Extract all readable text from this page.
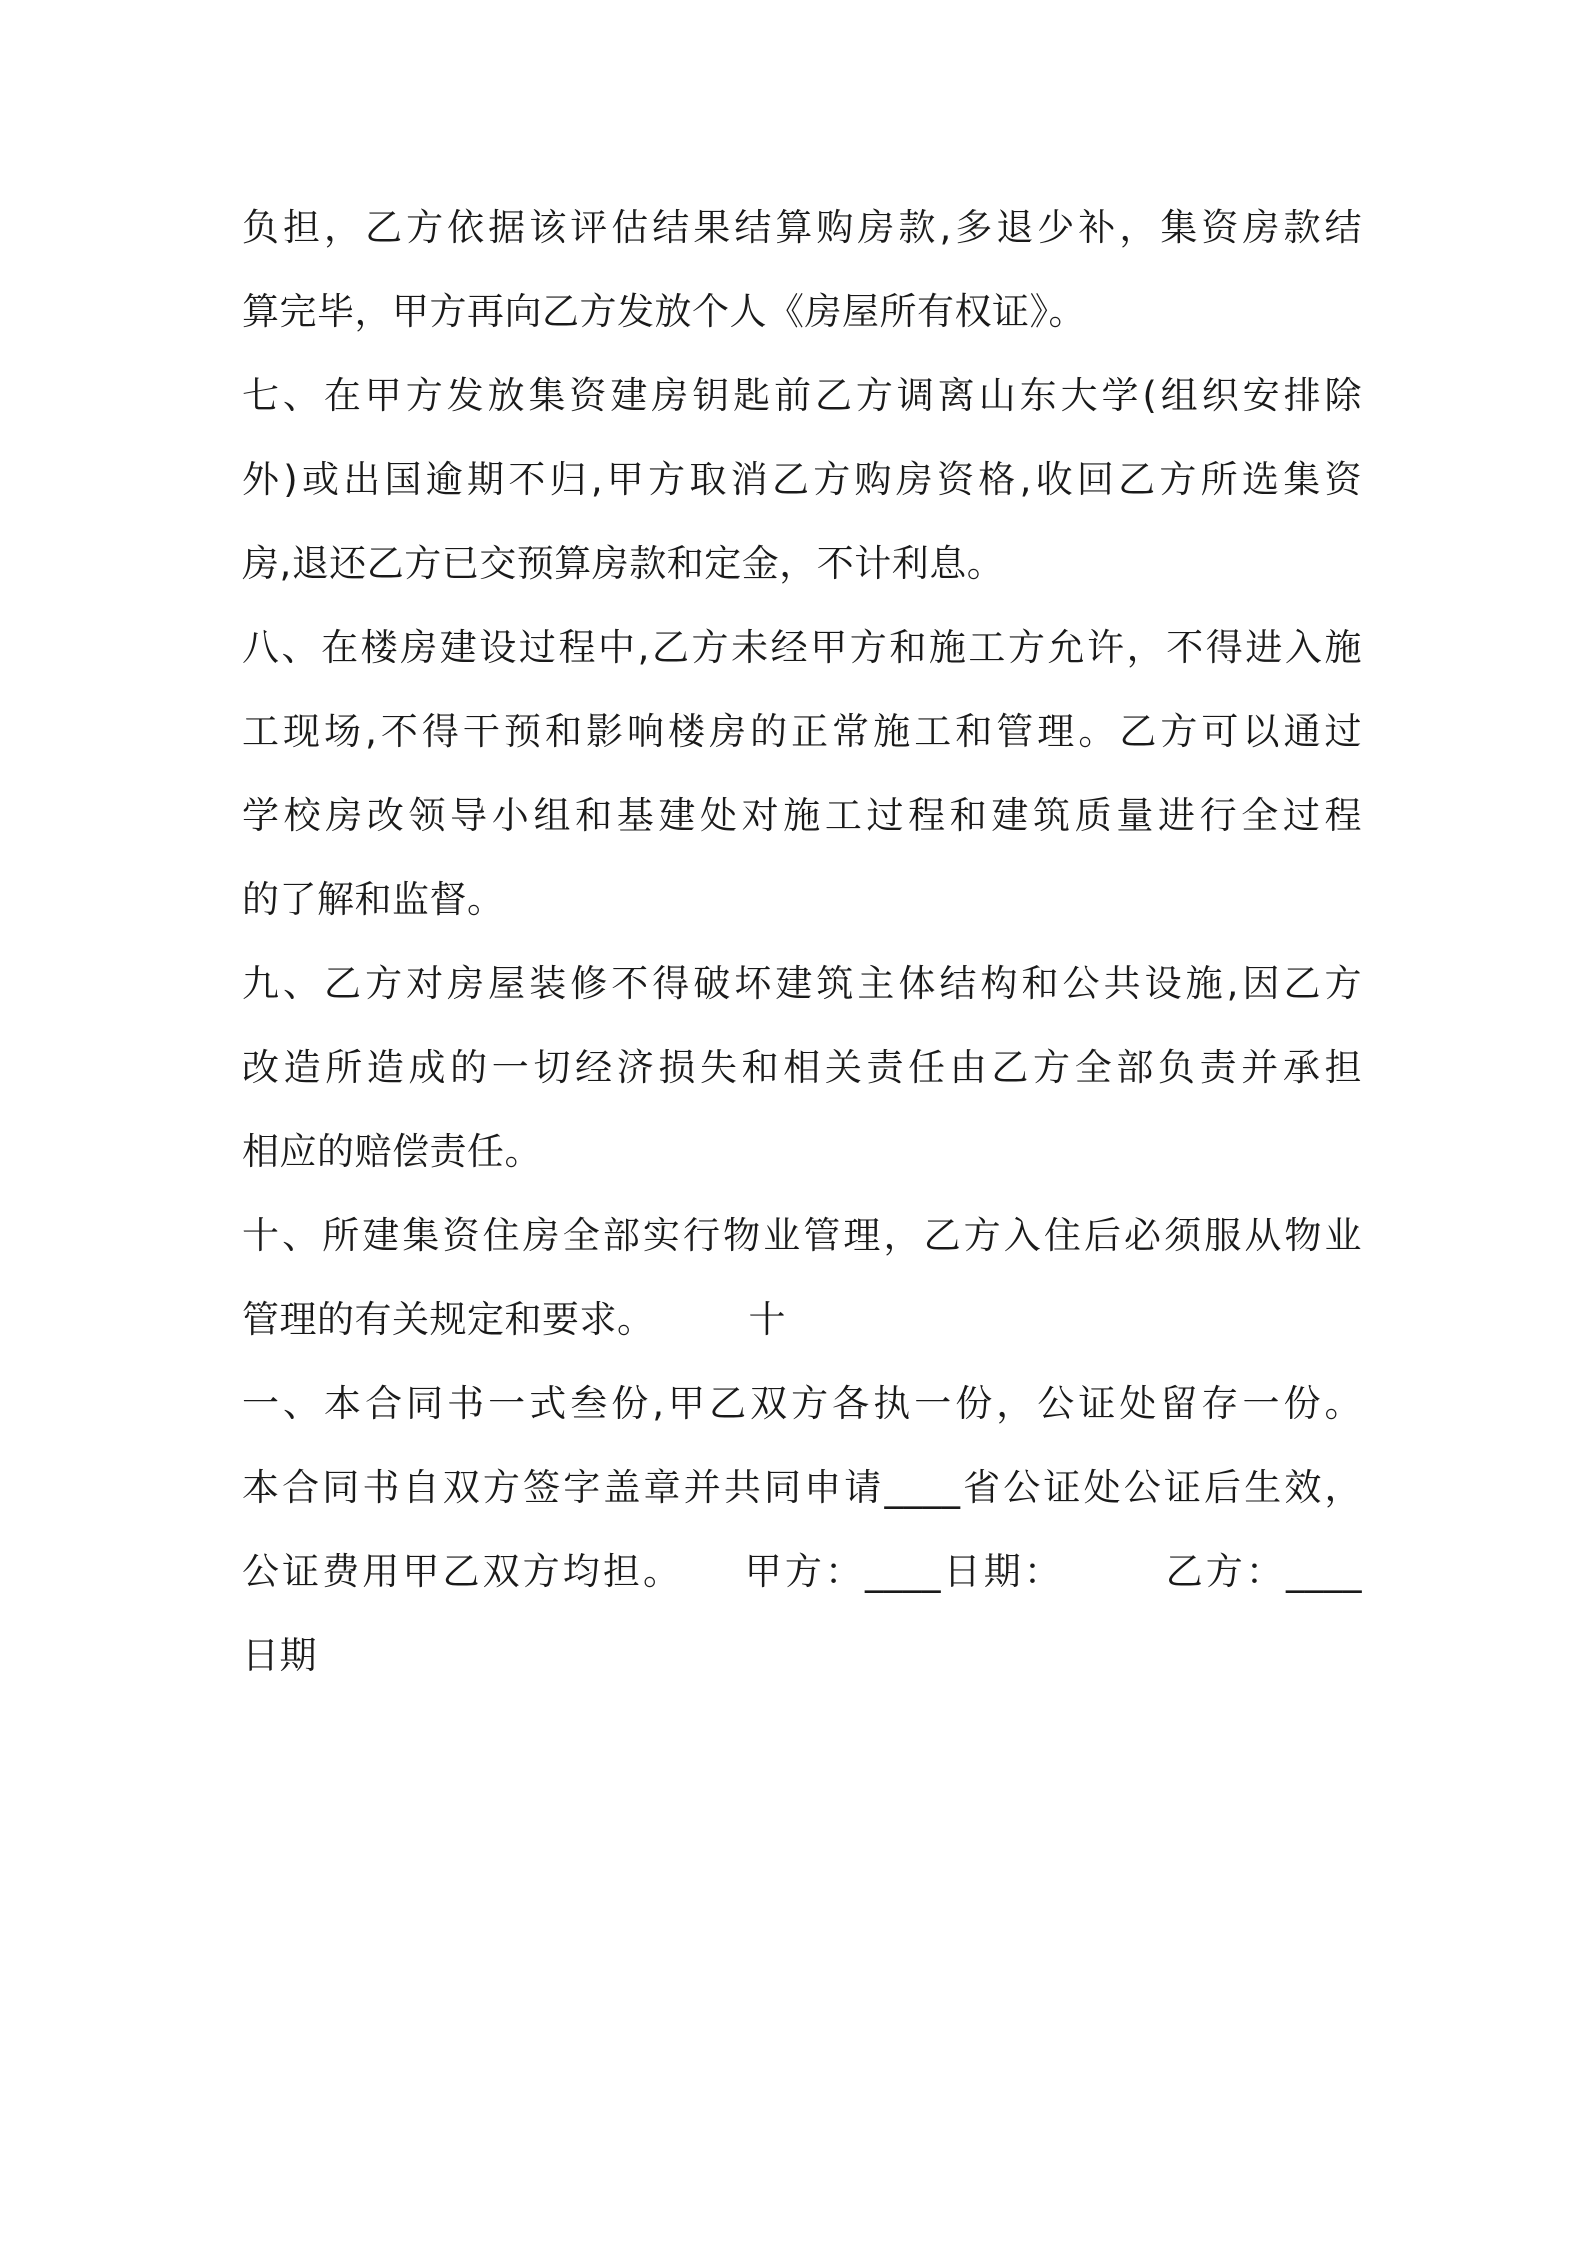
负担，乙方依据该评估结果结算购房款,多退少补，集资房款结
算完毕，甲方再向乙方发放个人《房屋所有权证》。
七、在甲方发放集资建房钥匙前乙方调离山东大学(组织安排除
外)或出国逾期不归,甲方取消乙方购房资格,收回乙方所选集资
房,退还乙方已交预算房款和定金，不计利息。
八、在楼房建设过程中,乙方未经甲方和施工方允许，不得进入施
工现场,不得干预和影响楼房的正常施工和管理。乙方可以通过
学校房改领导小组和基建处对施工过程和建筑质量进行全过程
的了解和监督。
九、乙方对房屋装修不得破坏建筑主体结构和公共设施,因乙方
改造所造成的一切经济损失和相关责任由乙方全部负责并承担
相应的赔偿责任。
十、所建集资住房全部实行物业管理，乙方入住后必须服从物业
管理的有关规定和要求。　　　十
一、本合同书一式叁份,甲乙双方各执一份，公证处留存一份。
本合同书自双方签字盖章并共同申请____省公证处公证后生效，
公证费用甲乙双方均担。　　甲方：____日期：　　　乙方：____
日期
